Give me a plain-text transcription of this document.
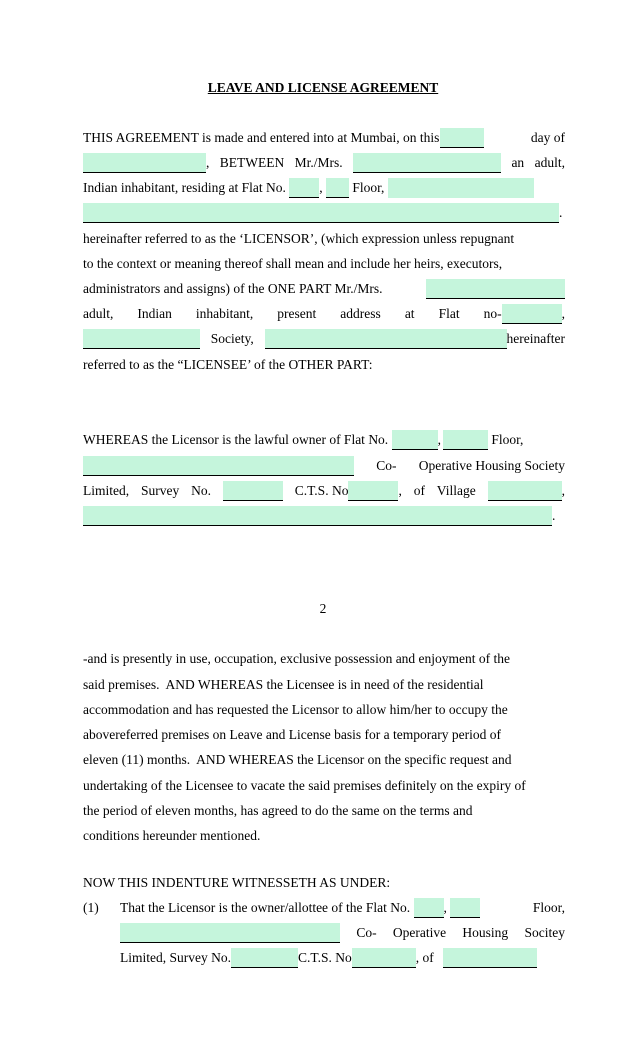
LEAVE AND LICENSE AGREEMENT
THIS AGREEMENT is made and entered into at Mumbai, on this	day of
, BETWEEN Mr./Mrs.	an adult,
Indian inhabitant, residing at Flat No. , Floor,
.
hereinafter referred to as the ‘LICENSOR’, (which expression unless repugnant
to the context or meaning thereof shall mean and include her heirs, executors,
administrators and assigns) of the ONE PART Mr./Mrs.
adult, Indian inhabitant, present address at Flat no-	,
Society,	hereinafter
referred to as the “LICENSEE’ of the OTHER PART:
WHEREAS the Licensor is the lawful owner of Flat No.	,	Floor,
Co- Operative Housing Society
Limited, Survey No.	C.T.S. No	, of Village	,
.
2
-and is presently in use, occupation, exclusive possession and enjoyment of the
said premises.  AND WHEREAS the Licensee is in need of the residential
accommodation and has requested the Licensor to allow him/her to occupy the
abovereferred premises on Leave and License basis for a temporary period of
eleven (11) months.  AND WHEREAS the Licensor on the specific request and
undertaking of the Licensee to vacate the said premises definitely on the expiry of
the period of eleven months, has agreed to do the same on the terms and
conditions hereunder mentioned.
NOW THIS INDENTURE WITNESSETH AS UNDER:
(1)	That the Licensor is the owner/allottee of the Flat No. ,	Floor,
Co- Operative Housing Socitey
Limited, Survey No.	C.T.S. No	, of
